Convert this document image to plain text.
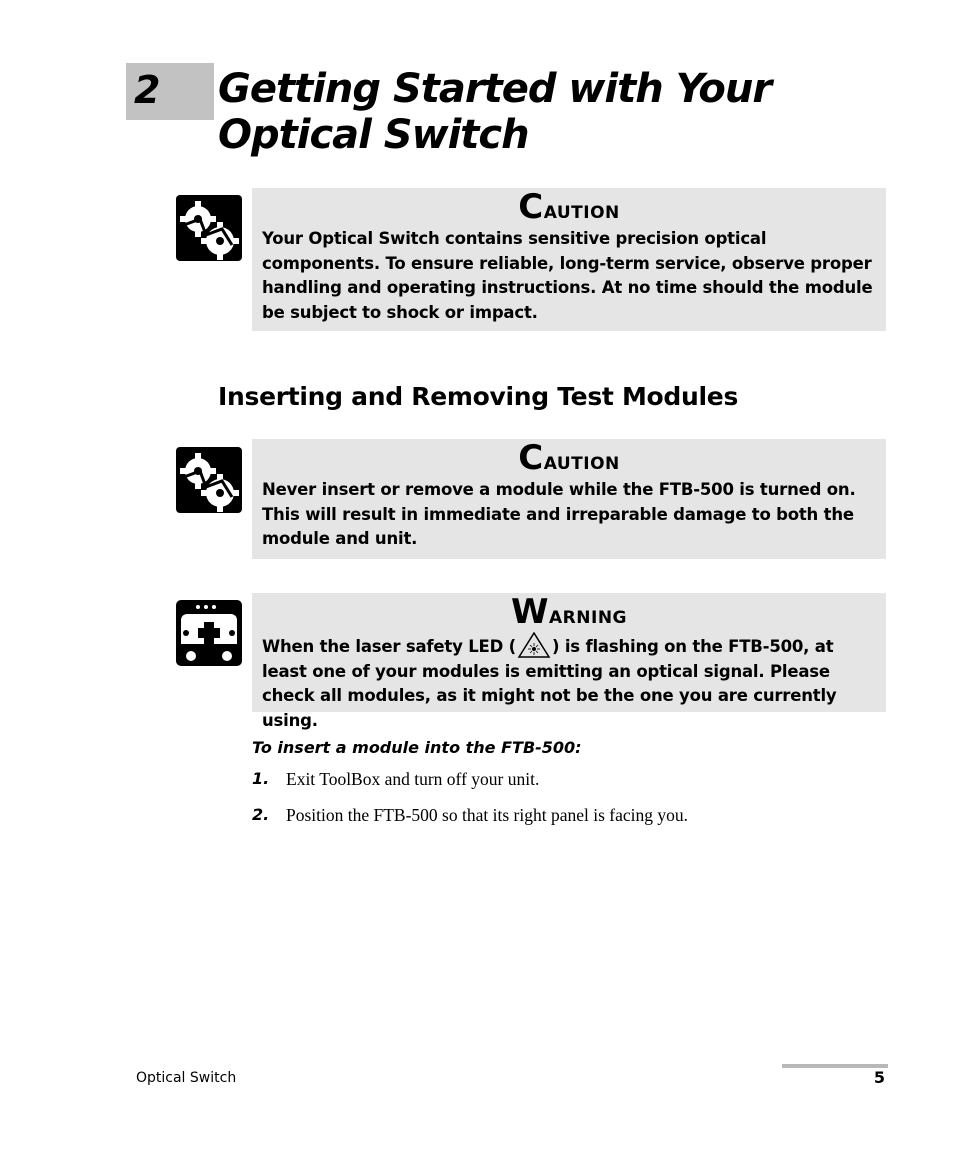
2 Getting Started with Your
Optical Switch
Caution
Your Optical Switch contains sensitive precision optical components. To ensure reliable, long-term service, observe proper handling and operating instructions. At no time should the module be subject to shock or impact.
Inserting and Removing Test Modules
Caution
Never insert or remove a module while the FTB-500 is turned on. This will result in immediate and irreparable damage to both the module and unit.
Warning
When the laser safety LED ( ) is flashing on the FTB-500, at least one of your modules is emitting an optical signal. Please check all modules, as it might not be the one you are currently using.
To insert a module into the FTB-500:
1. Exit ToolBox and turn off your unit.
2. Position the FTB-500 so that its right panel is facing you.
Optical Switch	5
